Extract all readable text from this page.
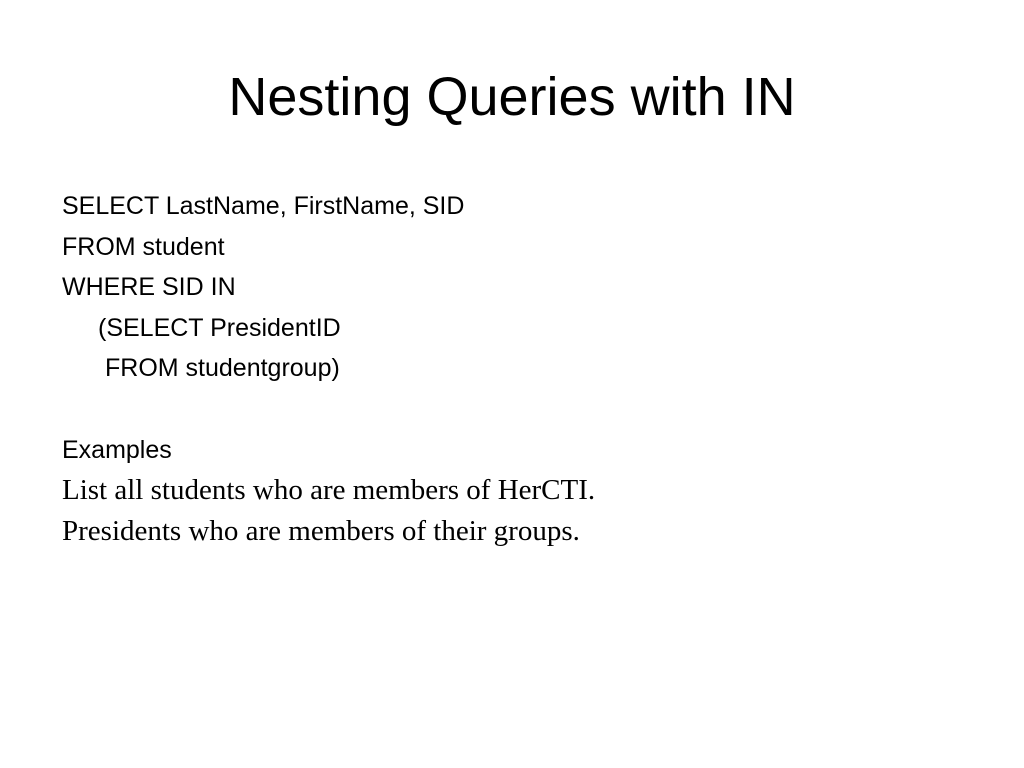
Nesting Queries with IN
SELECT LastName, FirstName, SID
FROM student
WHERE SID IN
(SELECT PresidentID
FROM studentgroup)
Examples
List all students who are members of HerCTI.
Presidents who are members of their groups.
